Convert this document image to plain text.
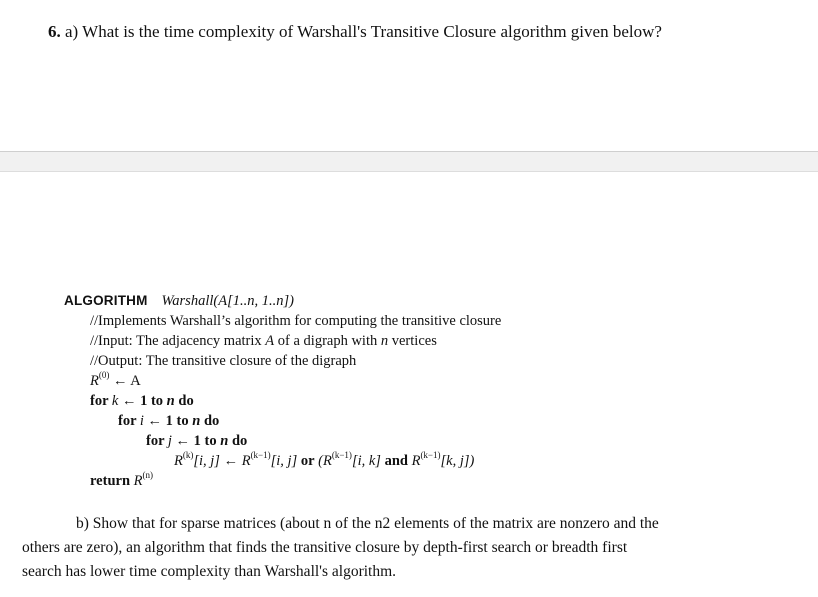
6. a) What is the time complexity of Warshall's Transitive Closure algorithm given below?
ALGORITHM Warshall(A[1..n, 1..n])
//Implements Warshall’s algorithm for computing the transitive closure
//Input: The adjacency matrix A of a digraph with n vertices
//Output: The transitive closure of the digraph
$R^{(0)}$ ← A
for k ← 1 to n do
for i ← 1 to n do
for j ← 1 to n do
$R^{(k)}[i$, j] ← $R^{(k-1)}[i$, j] or ($R^{(k-1)}[i$, k] and $R^{(k-1)}[k$, j])
return $R^{(n)}$
b) Show that for sparse matrices (about n of the n2 elements of the matrix are nonzero and the
others are zero), an algorithm that finds the transitive closure by depth-first search or breadth first
search has lower time complexity than Warshall's algorithm.
